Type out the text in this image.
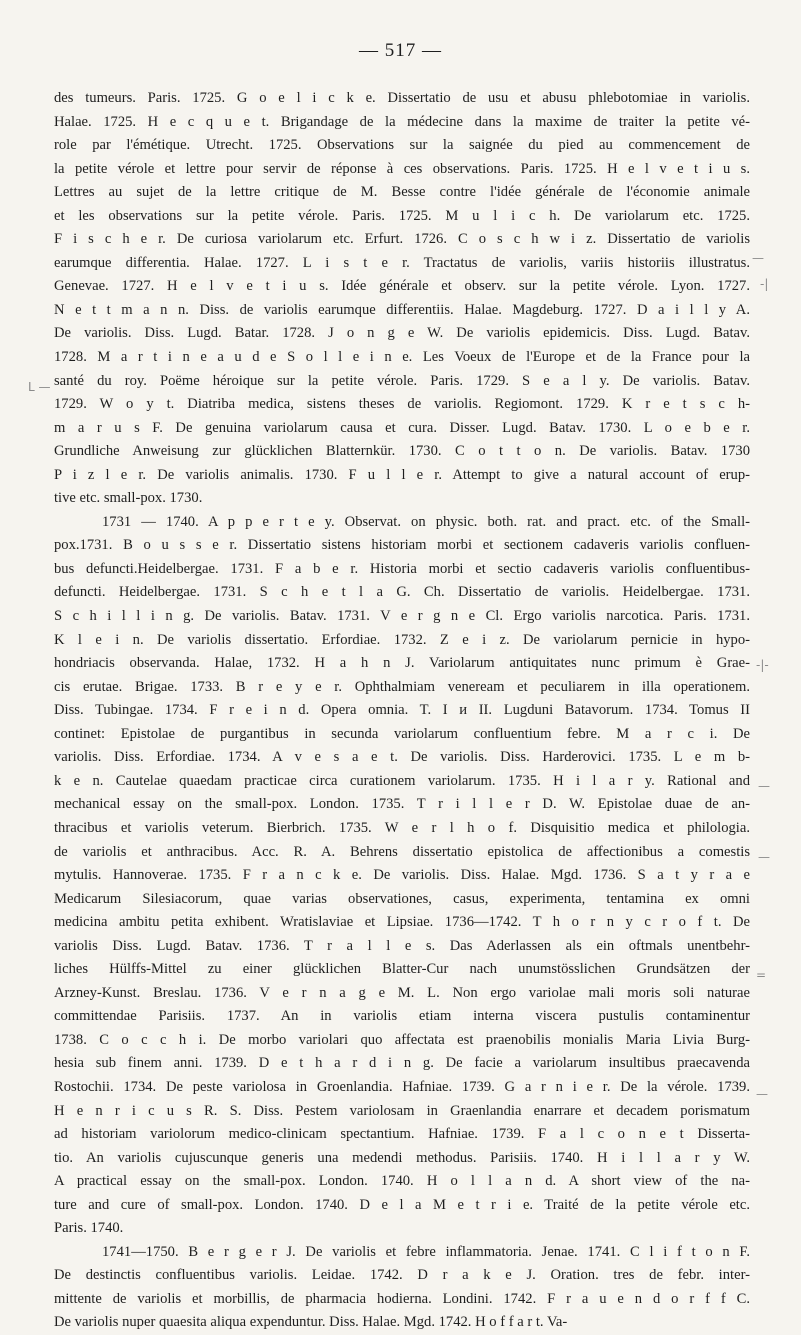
— 517 —
des tumeurs. Paris. 1725. G o e l i c k e. Dissertatio de usu et abusu phlebotomiae in variolis.
Halae. 1725. H e c q u e t. Brigandage de la médecine dans la maxime de traiter la petite vé-
role par l'émétique. Utrecht. 1725. Observations sur la saignée du pied au commencement de
la petite vérole et lettre pour servir de réponse à ces observations. Paris. 1725. H e l v e t i u s.
Lettres au sujet de la lettre critique de M. Besse contre l'idée générale de l'économie animale
et les observations sur la petite vérole. Paris. 1725. M u l i c h. De variolarum etc. 1725.
F i s c h e r. De curiosa variolarum etc. Erfurt. 1726. C o s c h w i z. Dissertatio de variolis
earumque differentia. Halae. 1727. L i s t e r. Tractatus de variolis, variis historiis illustratus.
Genevae. 1727. H e l v e t i u s. Idée générale et observ. sur la petite vérole. Lyon. 1727.
N e t t m a n n. Diss. de variolis earumque differentiis. Halae. Magdeburg. 1727. D a i l l y A.
De variolis. Diss. Lugd. Batar. 1728. J o n g e W. De variolis epidemicis. Diss. Lugd. Batav.
1728. M a r t i n e a u d e S o l l e i n e. Les Voeux de l'Europe et de la France pour la
santé du roy. Poëme héroique sur la petite vérole. Paris. 1729. S e a l y. De variolis. Batav.
1729. W o y t. Diatriba medica, sistens theses de variolis. Regiomont. 1729. K r e t s c h-
m a r u s F. De genuina variolarum causa et cura. Disser. Lugd. Batav. 1730. L o e b e r.
Grundliche Anweisung zur glücklichen Blatternkür. 1730. C o t t o n. De variolis. Batav. 1730
P i z l e r. De variolis animalis. 1730. F u l l e r. Attempt to give a natural account of erup-
tive etc. small-pox. 1730.
1731 — 1740. A p p e r t e y. Observat. on physic. both. rat. and pract. etc. of the Small-
pox.1731. B o u s s e r. Dissertatio sistens historiam morbi et sectionem cadaveris variolis confluen-
bus defuncti.Heidelbergae. 1731. F a b e r. Historia morbi et sectio cadaveris variolis confluentibus-
defuncti. Heidelbergae. 1731. S c h e t l a G. Ch. Dissertatio de variolis. Heidelbergae. 1731.
S c h i l l i n g. De variolis. Batav. 1731. V e r g n e Cl. Ergo variolis narcotica. Paris. 1731.
K l e i n. De variolis dissertatio. Erfordiae. 1732. Z e i z. De variolarum pernicie in hypo-
hondriacis observanda. Halae, 1732. H a h n J. Variolarum antiquitates nunc primum è Grae-
cis erutae. Brigae. 1733. B r e y e r. Ophthalmiam veneream et peculiarem in illa operationem.
Diss. Tubingae. 1734. F r e i n d. Opera omnia. T. I и II. Lugduni Batavorum. 1734. Tomus II
continet: Epistolae de purgantibus in secunda variolarum confluentium febre. M a r c i. De
variolis. Diss. Erfordiae. 1734. A v e s a e t. De variolis. Diss. Harderovici. 1735. L e m b-
k e n. Cautelae quaedam practicae circa curationem variolarum. 1735. H i l a r y. Rational and
mechanical essay on the small-pox. London. 1735. T r i l l e r D. W. Epistolae duae de an-
thracibus et variolis veterum. Bierbrich. 1735. W e r l h o f. Disquisitio medica et philologia.
de variolis et anthracibus. Acc. R. A. Behrens dissertatio epistolica de affectionibus a comestis
mytulis. Hannoverae. 1735. F r a n c k e. De variolis. Diss. Halae. Mgd. 1736. S a t y r a e
Medicarum Silesiacorum, quae varias observationes, casus, experimenta, tentamina ex omni
medicina ambitu petita exhibent. Wratislaviae et Lipsiae. 1736—1742. T h o r n y c r o f t. De
variolis Diss. Lugd. Batav. 1736. T r a l l e s. Das Aderlassen als ein oftmals unentbehr-
liches Hülffs-Mittel zu einer glücklichen Blatter-Cur nach unumstösslichen Grundsätzen der
Arzney-Kunst. Breslau. 1736. V e r n a g e M. L. Non ergo variolae mali moris soli naturae
committendae Parisiis. 1737. An in variolis etiam interna viscera pustulis contaminentur
1738. C o c c h i. De morbo variolari quo affectata est praenobilis monialis Maria Livia Burg-
hesia sub finem anni. 1739. D e t h a r d i n g. De facie a variolarum insultibus praecavenda
Rostochii. 1734. De peste variolosa in Groenlandia. Hafniae. 1739. G a r n i e r. De la vérole. 1739.
H e n r i c u s R. S. Diss. Pestem variolosam in Graenlandia enarrare et decadem porismatum
ad historiam variolorum medico-clinicam spectantium. Hafniae. 1739. F a l c o n e t Disserta-
tio. An variolis cujuscunque generis una medendi methodus. Parisiis. 1740. H i l l a r y W.
A practical essay on the small-pox. London. 1740. H o l l a n d. A short view of the na-
ture and cure of small-pox. London. 1740. D e l a M e t r i e. Traité de la petite vérole etc.
Paris. 1740.
1741—1750. B e r g e r J. De variolis et febre inflammatoria. Jenae. 1741. C l i f t o n F.
De destinctis confluentibus variolis. Leidae. 1742. D r a k e J. Oration. tres de febr. inter-
mittente de variolis et morbillis, de pharmacia hodierna. Londini. 1742. F r a u e n d o r f f C.
De variolis nuper quaesita aliqua expenduntur. Diss. Halae. Mgd. 1742. H o f f a r t. Va-
—
-|
L —
-|-
—
—
=
—
